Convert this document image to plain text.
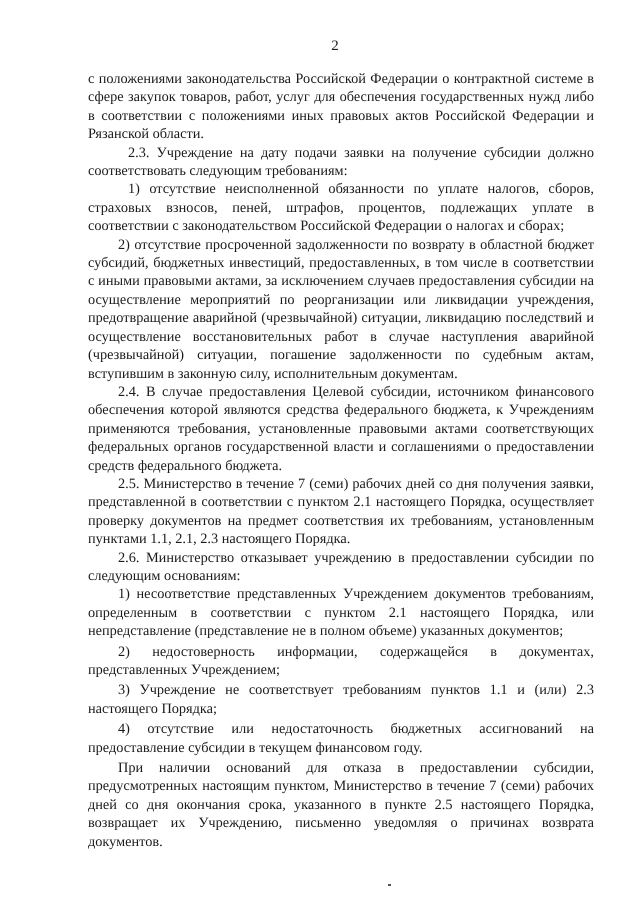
2

с положениями законодательства Российской Федерации о контрактной системе в сфере закупок товаров, работ, услуг для обеспечения государственных нужд либо в соответствии с положениями иных правовых актов Российской Федерации и Рязанской области.

2.3. Учреждение на дату подачи заявки на получение субсидии должно соответствовать следующим требованиям:

1) отсутствие неисполненной обязанности по уплате налогов, сборов, страховых взносов, пеней, штрафов, процентов, подлежащих уплате в соответствии с законодательством Российской Федерации о налогах и сборах;

2) отсутствие просроченной задолженности по возврату в областной бюджет субсидий, бюджетных инвестиций, предоставленных, в том числе в соответствии с иными правовыми актами, за исключением случаев предоставления субсидии на осуществление мероприятий по реорганизации или ликвидации учреждения, предотвращение аварийной (чрезвычайной) ситуации, ликвидацию последствий и осуществление восстановительных работ в случае наступления аварийной (чрезвычайной) ситуации, погашение задолженности по судебным актам, вступившим в законную силу, исполнительным документам.

2.4. В случае предоставления Целевой субсидии, источником финансового обеспечения которой являются средства федерального бюджета, к Учреждениям применяются требования, установленные правовыми актами соответствующих федеральных органов государственной власти и соглашениями о предоставлении средств федерального бюджета.

2.5. Министерство в течение 7 (семи) рабочих дней со дня получения заявки, представленной в соответствии с пунктом 2.1 настоящего Порядка, осуществляет проверку документов на предмет соответствия их требованиям, установленным пунктами 1.1, 2.1, 2.3 настоящего Порядка.

2.6. Министерство отказывает учреждению в предоставлении субсидии по следующим основаниям:

1) несоответствие представленных Учреждением документов требованиям, определенным в соответствии с пунктом 2.1 настоящего Порядка, или непредставление (представление не в полном объеме) указанных документов;

2) недостоверность информации, содержащейся в документах, представленных Учреждением;

3) Учреждение не соответствует требованиям пунктов 1.1 и (или) 2.3 настоящего Порядка;

4) отсутствие или недостаточность бюджетных ассигнований на предоставление субсидии в текущем финансовом году.

При наличии оснований для отказа в предоставлении субсидии, предусмотренных настоящим пунктом, Министерство в течение 7 (семи) рабочих дней со дня окончания срока, указанного в пункте 2.5 настоящего Порядка, возвращает их Учреждению, письменно уведомляя о причинах возврата документов.
